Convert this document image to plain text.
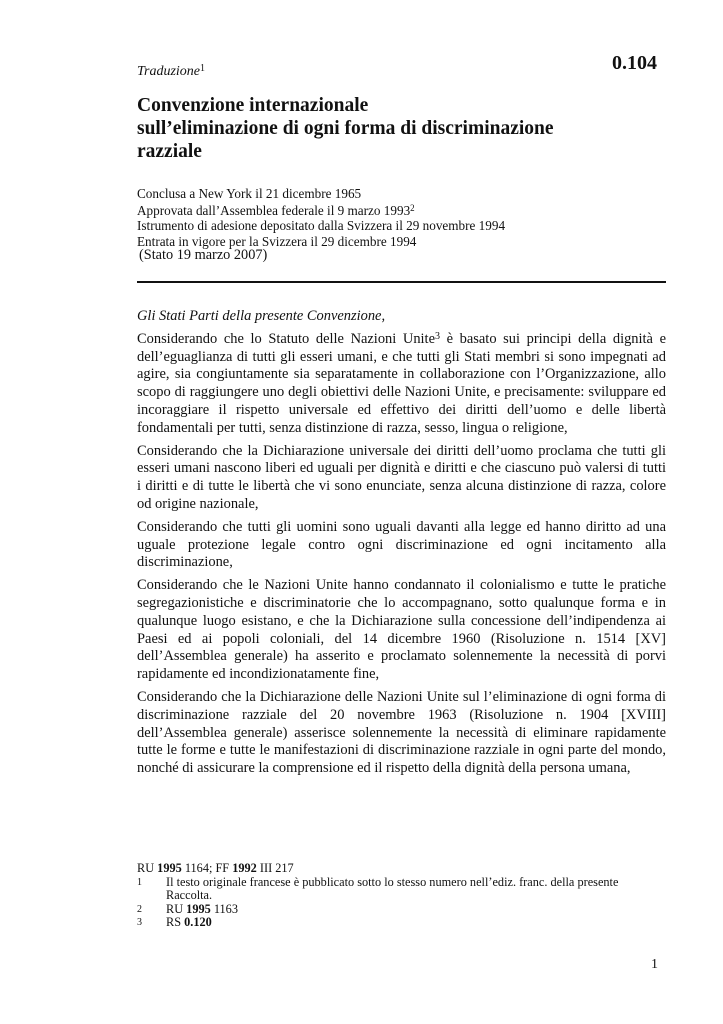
Traduzione$^1$	0.104
Convenzione internazionale
sull’eliminazione di ogni forma di discriminazione
razziale
Conclusa a New York il 21 dicembre 1965
Approvata dall’Assemblea federale il 9 marzo 1993$^2$
Istrumento di adesione depositato dalla Svizzera il 29 novembre 1994
Entrata in vigore per la Svizzera il 29 dicembre 1994
(Stato 19 marzo 2007)

Gli Stati Parti della presente Convenzione,

Considerando che lo Statuto delle Nazioni Unite$^3$ è basato sui principi della dignità e dell’eguaglianza di tutti gli esseri umani, e che tutti gli Stati membri si sono impegnati ad agire, sia congiuntamente sia separatamente in collaborazione con l’Organizzazione, allo scopo di raggiungere uno degli obiettivi delle Nazioni Unite, e precisamente: sviluppare ed incoraggiare il rispetto universale ed effettivo dei diritti dell’uomo e delle libertà fondamentali per tutti, senza distinzione di razza, sesso, lingua o religione,

Considerando che la Dichiarazione universale dei diritti dell’uomo proclama che tutti gli esseri umani nascono liberi ed uguali per dignità e diritti e che ciascuno può valersi di tutti i diritti e di tutte le libertà che vi sono enunciate, senza alcuna distinzione di razza, colore od origine nazionale,

Considerando che tutti gli uomini sono uguali davanti alla legge ed hanno diritto ad una uguale protezione legale contro ogni discriminazione ed ogni incitamento alla discriminazione,

Considerando che le Nazioni Unite hanno condannato il colonialismo e tutte le pratiche segregazionistiche e discriminatorie che lo accompagnano, sotto qualunque forma e in qualunque luogo esistano, e che la Dichiarazione sulla concessione dell’indipendenza ai Paesi ed ai popoli coloniali, del 14 dicembre 1960 (Risoluzione n. 1514 [XV] dell’Assemblea generale) ha asserito e proclamato solennemente la necessità di porvi rapidamente ed incondizionatamente fine,

Considerando che la Dichiarazione delle Nazioni Unite sul l’eliminazione di ogni forma di discriminazione razziale del 20 novembre 1963 (Risoluzione n. 1904 [XVIII] dell’Assemblea generale) asserisce solennemente la necessità di eliminare rapidamente tutte le forme e tutte le manifestazioni di discriminazione razziale in ogni parte del mondo, nonché di assicurare la comprensione ed il rispetto della dignità della persona umana,

RU 1995 1164; FF 1992 III 217
1	Il testo originale francese è pubblicato sotto lo stesso numero nell’ediz. franc. della presente Raccolta.
2	RU 1995 1163
3	RS 0.120
1
